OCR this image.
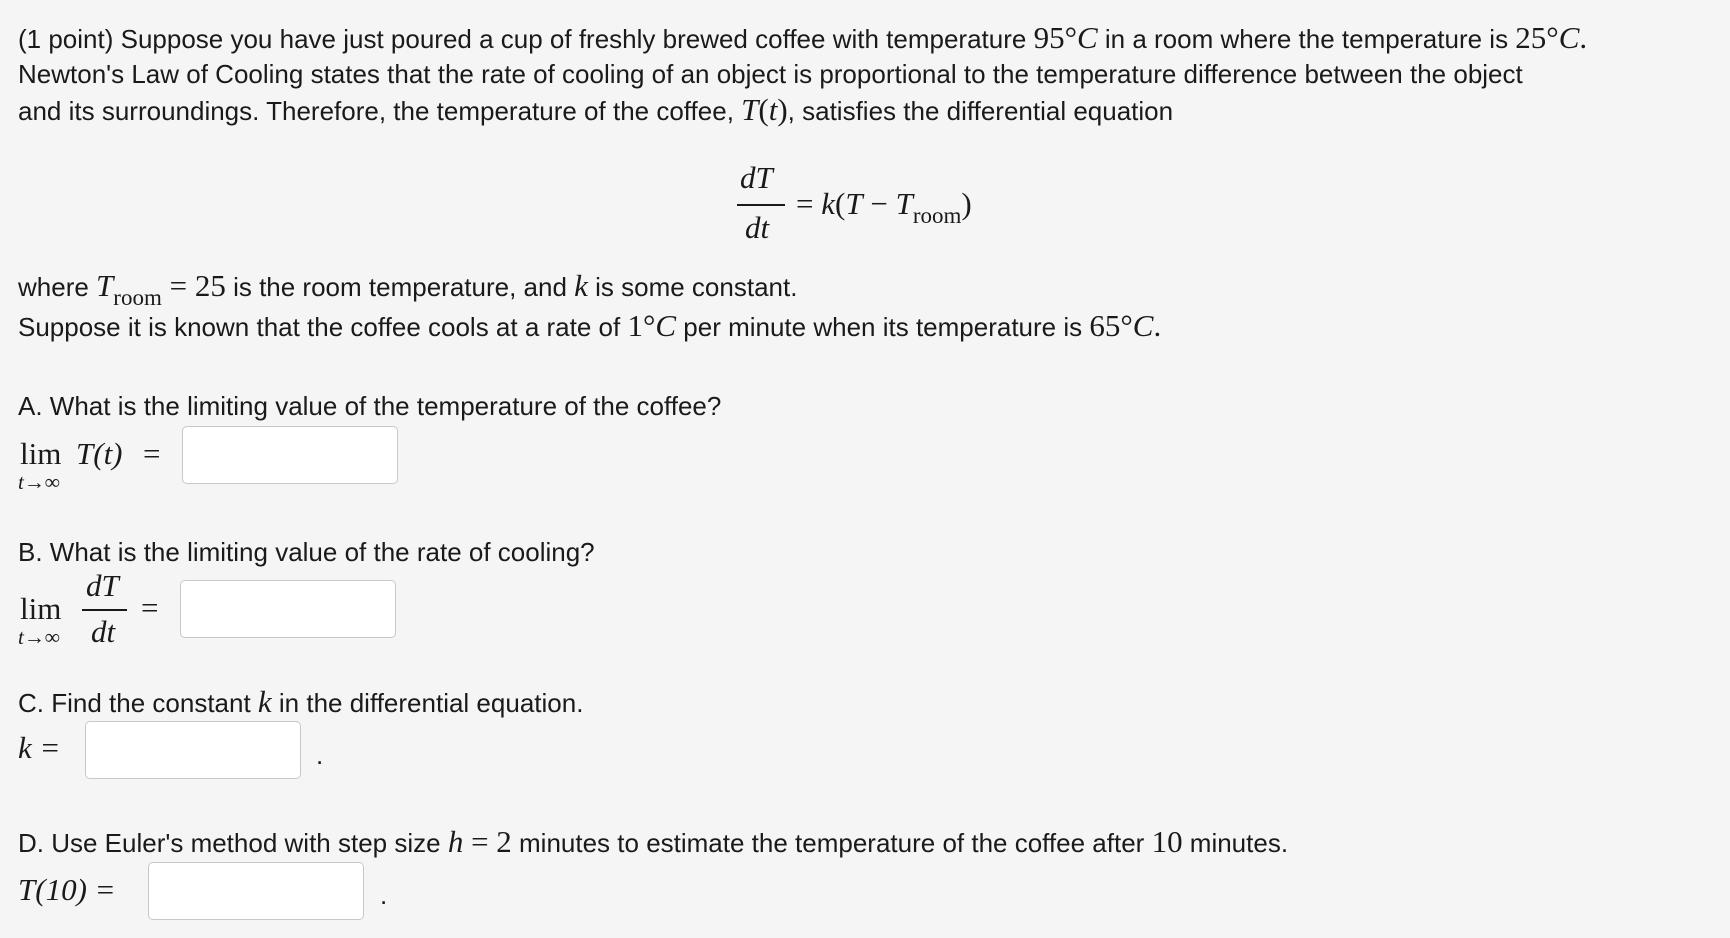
(1 point) Suppose you have just poured a cup of freshly brewed coffee with temperature 95°C in a room where the temperature is 25°C.
Newton's Law of Cooling states that the rate of cooling of an object is proportional to the temperature difference between the object
and its surroundings. Therefore, the temperature of the coffee, T(t), satisfies the differential equation
dT
dt
= k(T − Troom)
where Troom = 25 is the room temperature, and k is some constant.
Suppose it is known that the coffee cools at a rate of 1°C per minute when its temperature is 65°C.
A. What is the limiting value of the temperature of the coffee?
lim
t→∞
T(t) =
B. What is the limiting value of the rate of cooling?
lim
t→∞
dT
dt
=
C. Find the constant k in the differential equation.
k =	.
D. Use Euler's method with step size h = 2 minutes to estimate the temperature of the coffee after 10 minutes.
T(10) =	.
